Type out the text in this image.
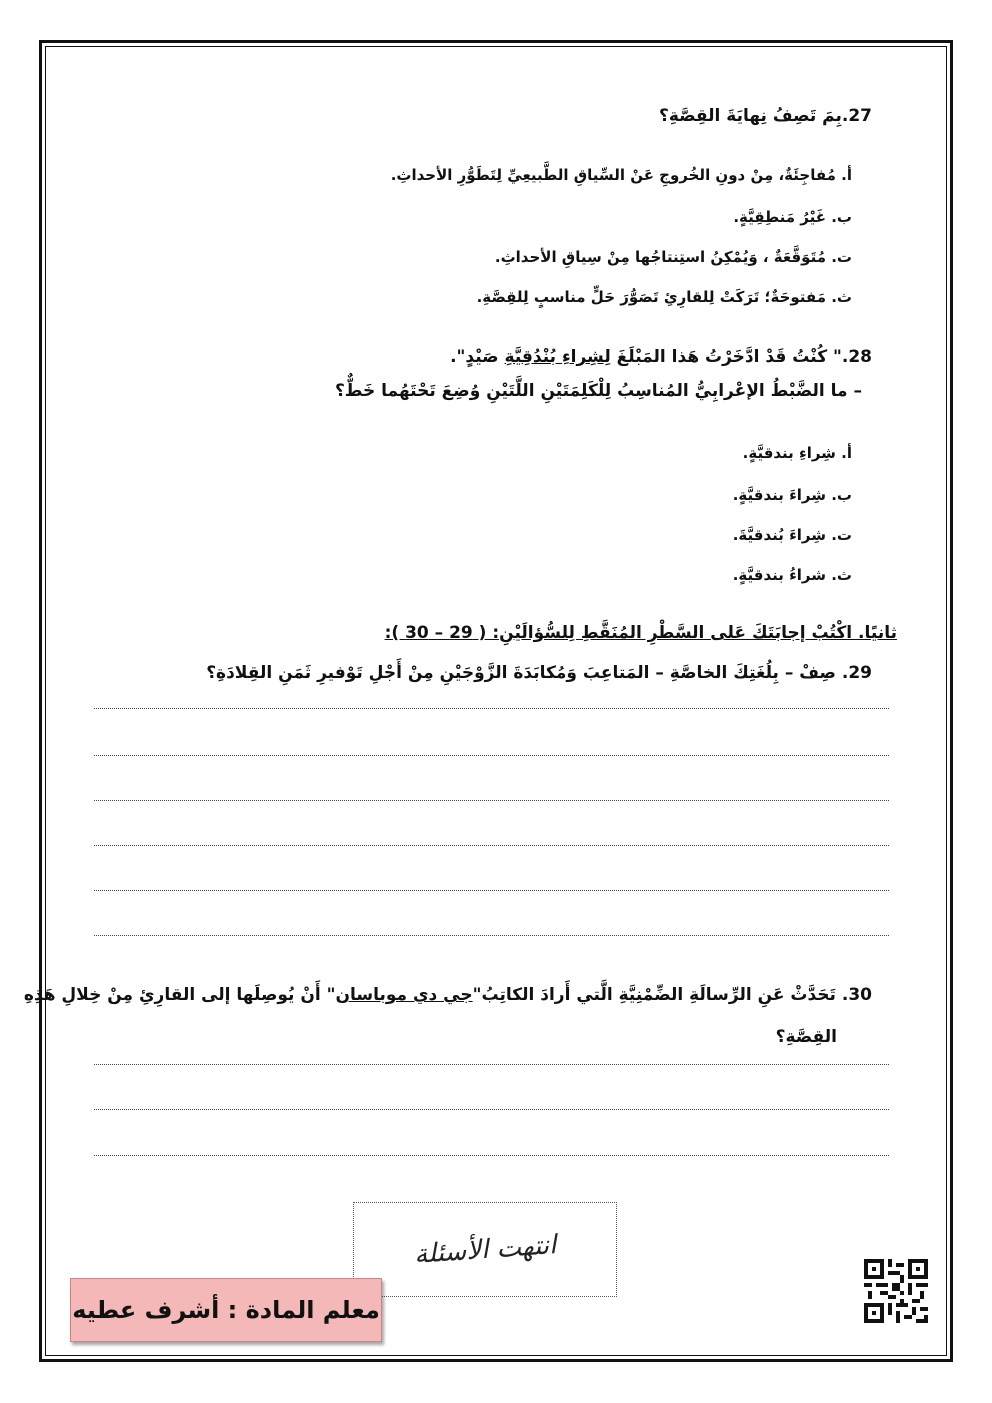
27.بِمَ تَصِفُ نِهايَةَ القِصَّةِ؟
أ. مُفاجِئَةٌ، مِنْ دونِ الخُروجِ عَنْ السِّياقِ الطَّبيعِيِّ لِتَطَوُّرِ الأحداثِ.
ب. غَيْرُ مَنطِقِيَّةٍ.
ت. مُتَوَقَّعَةٌ ، وَيُمْكِنُ استِنتاجُها مِنْ سِياقِ الأحداثِ.
ث. مَفتوحَةٌ؛ تَرَكَتْ لِلقارِئِ تَصَوُّرَ حَلٍّ مناسبٍ لِلقِصَّةِ.
28." كُنْتُ قَدْ ادَّخَرْتُ هَذا المَبْلَغَ لِشِراءِ بُنْدُقِيَّةِ صَيْدٍ".
– ما الضَّبْطُ الإعْرابِيُّ المُناسِبُ لِلْكَلِمَتَيْنِ اللَّتَيْنِ وُضِعَ تَحْتَهُما خَطٌّ؟
أ. شِراءِ بندقيَّةٍ.
ب. شِراءَ بندقيَّةٍ.
ت. شِراءَ بُندقيَّةَ.
ث. شراءُ بندقيَّةٍ.
ثانيًا. اكْتُبْ إجابَتَكَ عَلى السَّطْرِ المُنَقَّطِ لِلسُّؤالَيْنِ: ( 29 – 30 ):
29. صِفْ – بِلُغَتِكَ الخاصَّةِ – المَتاعِبَ وَمُكابَدَةَ الزَّوْجَيْنِ مِنْ أَجْلِ تَوْفيرِ ثَمَنِ القِلادَةِ؟
30. تَحَدَّثْ عَنِ الرِّسالَةِ الضِّمْنِيَّةِ الَّتي أَرادَ الكاتِبُ"جي دي موباسان" أَنْ يُوصِلَها إلى القارِئِ مِنْ خِلالِ هَذِهِ
القِصَّةِ؟
انتهت الأسئلة
معلم المادة : أشرف عطيه
